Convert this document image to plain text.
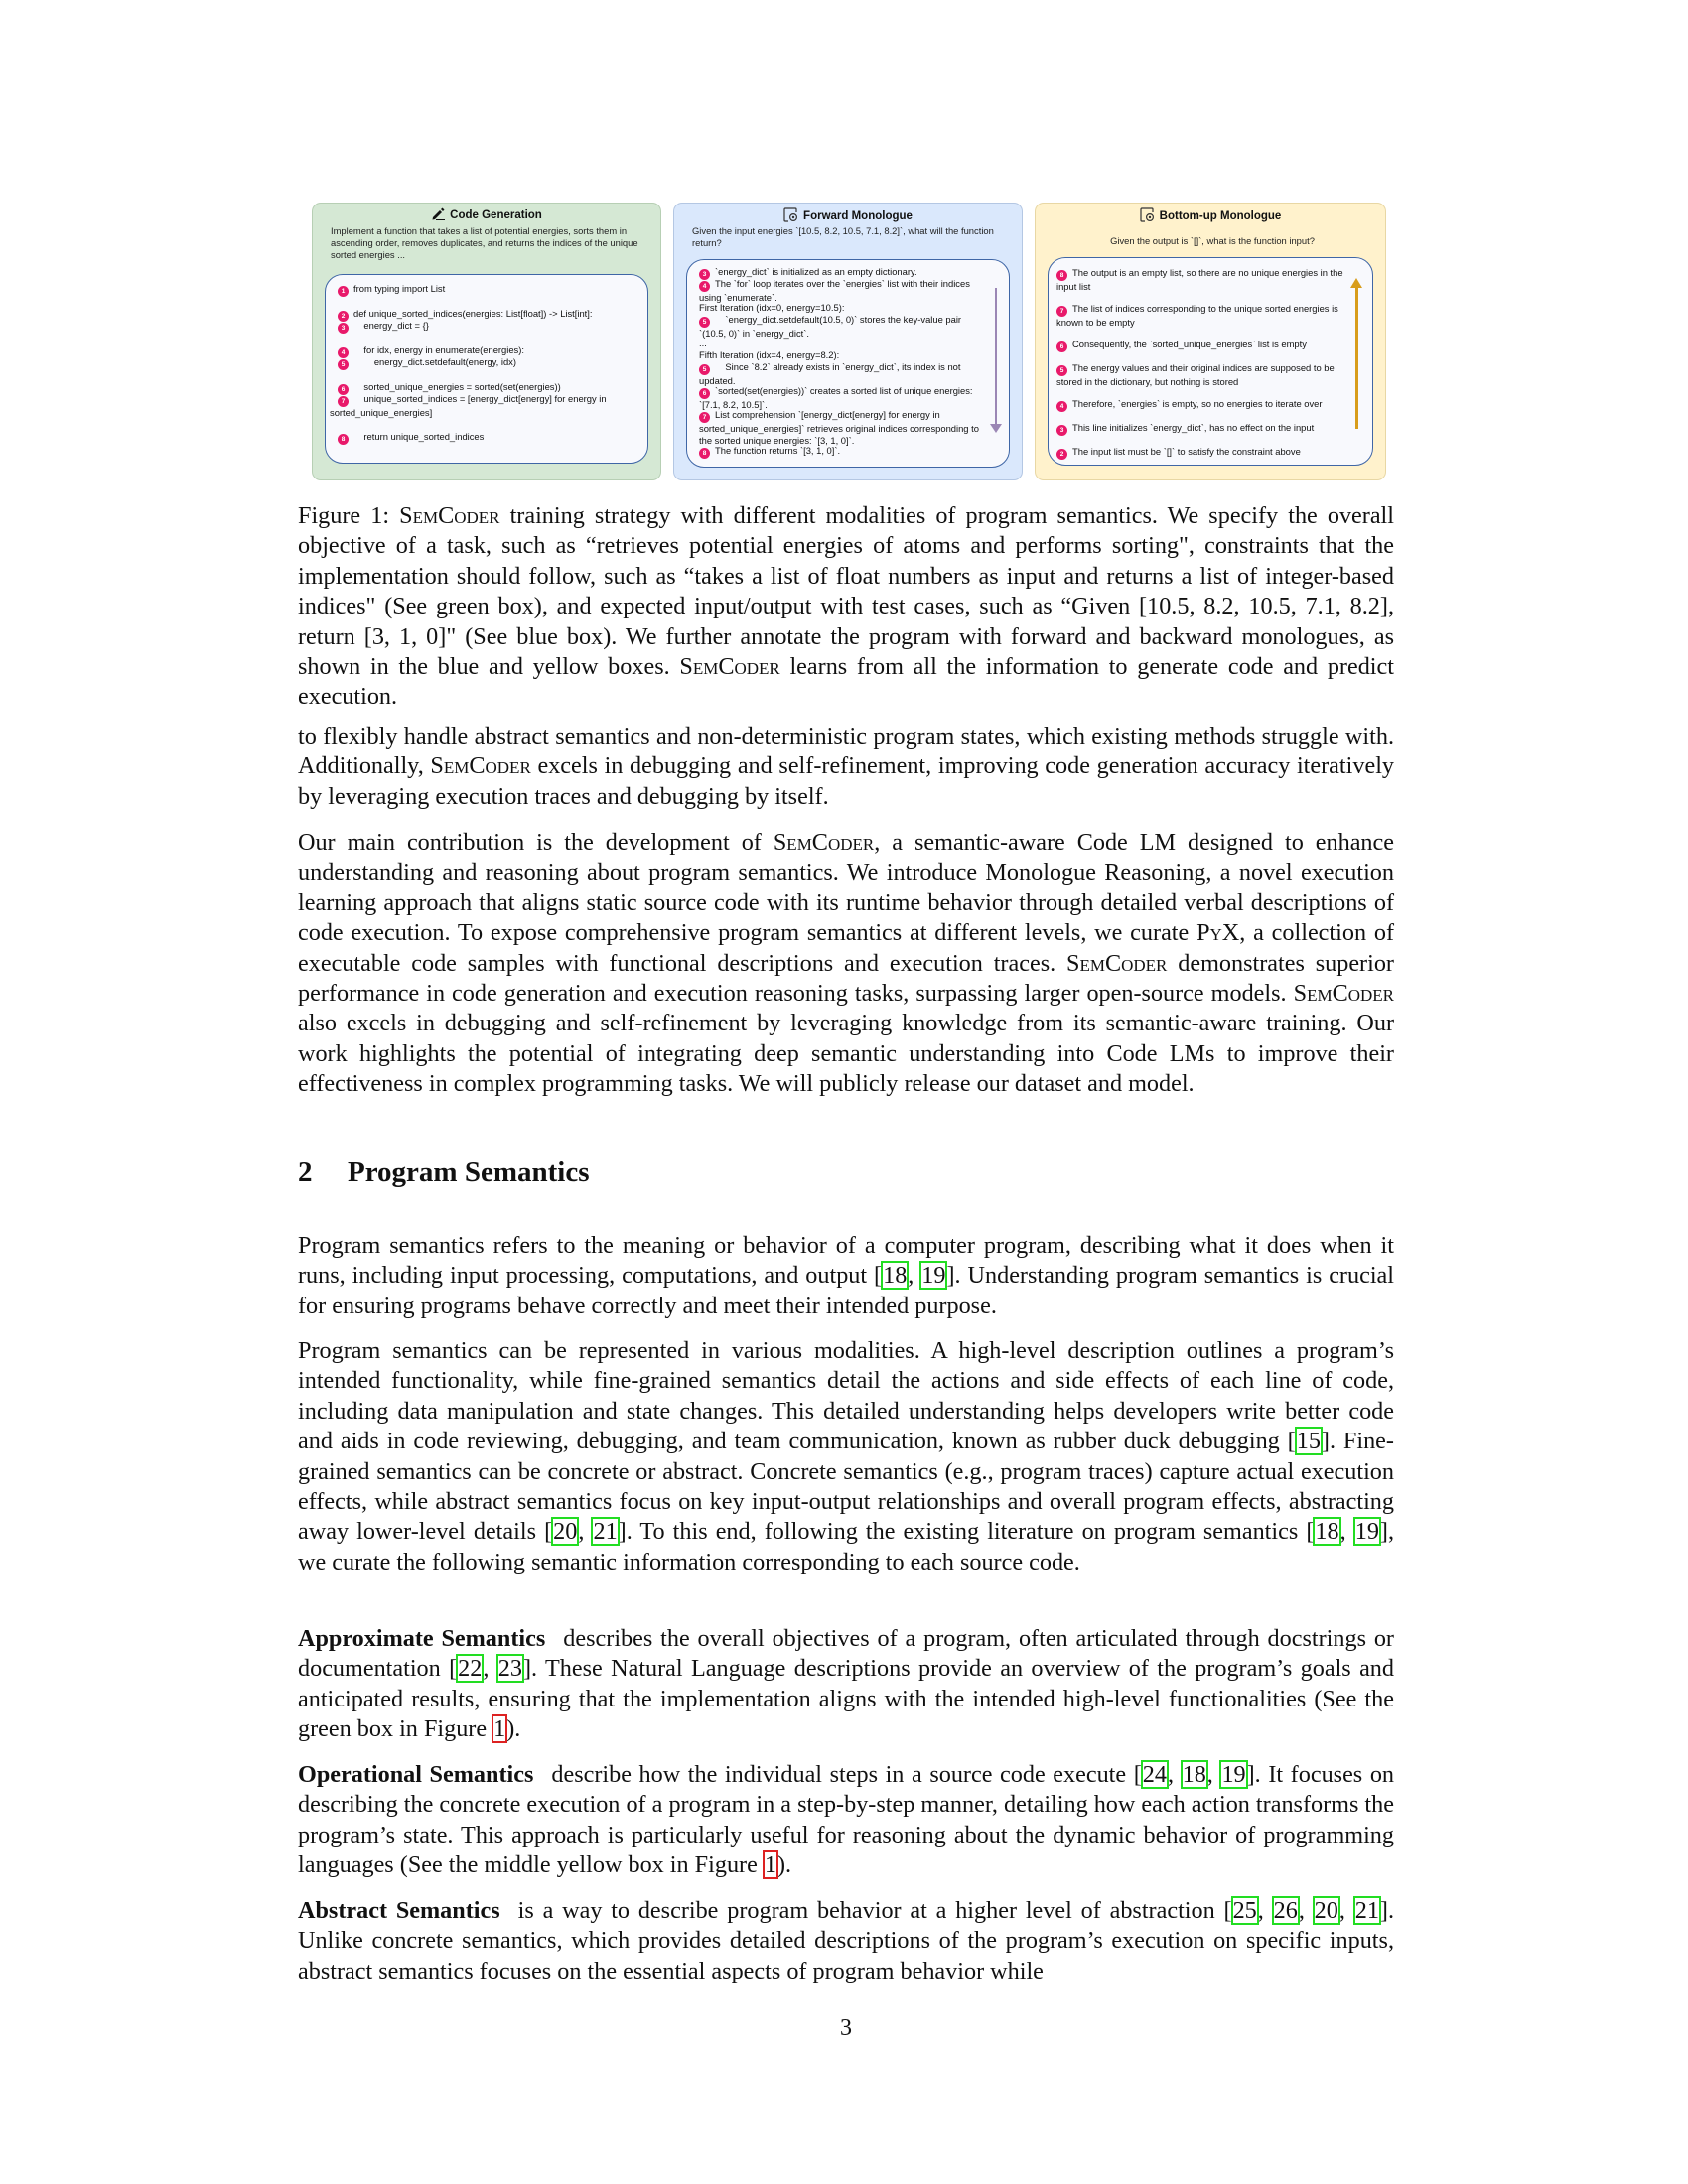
Code Generation
Implement a function that takes a list of potential energies, sorts them in ascending order, removes duplicates, and returns the indices of the unique sorted energies ...
1 from typing import List
2 def unique_sorted_indices(energies: List[float]) -> List[int]:
3    energy_dict = {}
4    for idx, energy in enumerate(energies):
5        energy_dict.setdefault(energy, idx)
6    sorted_unique_energies = sorted(set(energies))
7    unique_sorted_indices = [energy_dict[energy] for energy in sorted_unique_energies]
8    return unique_sorted_indices
Forward Monologue
Given the input energies `[10.5, 8.2, 10.5, 7.1, 8.2]`, what will the function return?
3 `energy_dict` is initialized as an empty dictionary.
4 The `for` loop iterates over the `energies` list with their indices using `enumerate`.
First Iteration (idx=0, energy=10.5):
5    `energy_dict.setdefault(10.5, 0)` stores the key-value pair `(10.5, 0)` in `energy_dict`.
...
Fifth Iteration (idx=4, energy=8.2):
5    Since `8.2` already exists in `energy_dict`, its index is not updated.
6 `sorted(set(energies))` creates a sorted list of unique energies: `[7.1, 8.2, 10.5]`.
7 List comprehension `[energy_dict[energy] for energy in sorted_unique_energies]` retrieves original indices corresponding to the sorted unique energies: `[3, 1, 0]`.
8 The function returns `[3, 1, 0]`.
Bottom-up Monologue
Given the output is `[]`, what is the function input?
8 The output is an empty list, so there are no unique energies in the input list
7 The list of indices corresponding to the unique sorted energies is known to be empty
6 Consequently, the `sorted_unique_energies` list is empty
5 The energy values and their original indices are supposed to be stored in the dictionary, but nothing is stored
4 Therefore, `energies` is empty, so no energies to iterate over
3 This line initializes `energy_dict`, has no effect on the input
2 The input list must be `[]` to satisfy the constraint above

Figure 1: SemCoder training strategy with different modalities of program semantics. We specify the overall objective of a task, such as “retrieves potential energies of atoms and performs sorting", constraints that the implementation should follow, such as “takes a list of float numbers as input and returns a list of integer-based indices" (See green box), and expected input/output with test cases, such as “Given [10.5, 8.2, 10.5, 7.1, 8.2], return [3, 1, 0]" (See blue box). We further annotate the program with forward and backward monologues, as shown in the blue and yellow boxes. SemCoder learns from all the information to generate code and predict execution.

to flexibly handle abstract semantics and non-deterministic program states, which existing methods struggle with. Additionally, SemCoder excels in debugging and self-refinement, improving code generation accuracy iteratively by leveraging execution traces and debugging by itself.

Our main contribution is the development of SemCoder, a semantic-aware Code LM designed to enhance understanding and reasoning about program semantics. We introduce Monologue Reasoning, a novel execution learning approach that aligns static source code with its runtime behavior through detailed verbal descriptions of code execution. To expose comprehensive program semantics at different levels, we curate PyX, a collection of executable code samples with functional descriptions and execution traces. SemCoder demonstrates superior performance in code generation and execution reasoning tasks, surpassing larger open-source models. SemCoder also excels in debugging and self-refinement by leveraging knowledge from its semantic-aware training. Our work highlights the potential of integrating deep semantic understanding into Code LMs to improve their effectiveness in complex programming tasks. We will publicly release our dataset and model.

2 Program Semantics

Program semantics refers to the meaning or behavior of a computer program, describing what it does when it runs, including input processing, computations, and output [18, 19]. Understanding program semantics is crucial for ensuring programs behave correctly and meet their intended purpose.

Program semantics can be represented in various modalities. A high-level description outlines a program’s intended functionality, while fine-grained semantics detail the actions and side effects of each line of code, including data manipulation and state changes. This detailed understanding helps developers write better code and aids in code reviewing, debugging, and team communication, known as rubber duck debugging [15]. Fine-grained semantics can be concrete or abstract. Concrete semantics (e.g., program traces) capture actual execution effects, while abstract semantics focus on key input-output relationships and overall program effects, abstracting away lower-level details [20, 21]. To this end, following the existing literature on program semantics [18, 19], we curate the following semantic information corresponding to each source code.

Approximate Semantics describes the overall objectives of a program, often articulated through docstrings or documentation [22, 23]. These Natural Language descriptions provide an overview of the program’s goals and anticipated results, ensuring that the implementation aligns with the intended high-level functionalities (See the green box in Figure 1).

Operational Semantics describe how the individual steps in a source code execute [24, 18, 19]. It focuses on describing the concrete execution of a program in a step-by-step manner, detailing how each action transforms the program’s state. This approach is particularly useful for reasoning about the dynamic behavior of programming languages (See the middle yellow box in Figure 1).

Abstract Semantics is a way to describe program behavior at a higher level of abstraction [25, 26, 20, 21]. Unlike concrete semantics, which provides detailed descriptions of the program’s execution on specific inputs, abstract semantics focuses on the essential aspects of program behavior while

3
